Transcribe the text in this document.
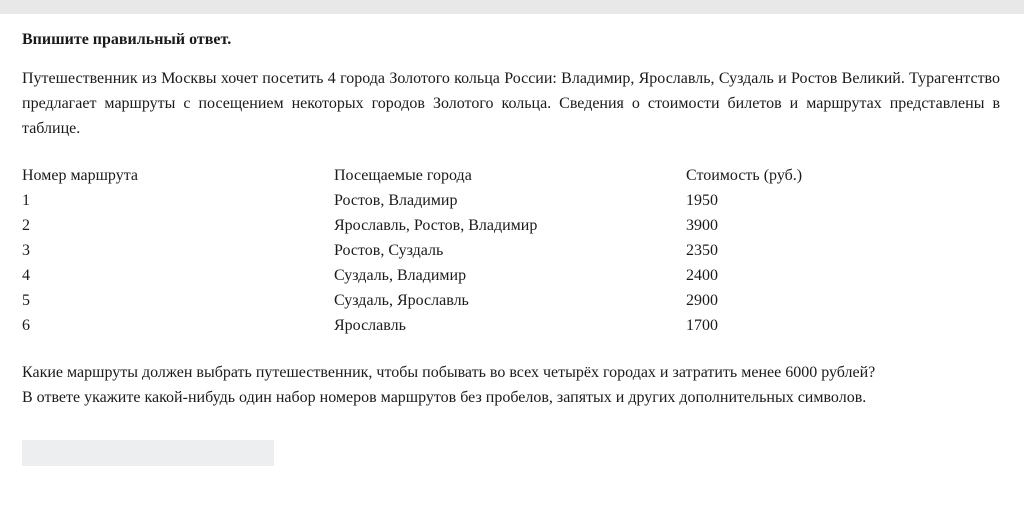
Впишите правильный ответ.
Путешественник из Москвы хочет посетить 4 города Золотого кольца России: Владимир, Ярославль, Суздаль и Ростов Великий. Турагентство предлагает маршруты с посещением некоторых городов Золотого кольца. Сведения о стоимости билетов и маршрутах представлены в таблице.
Номер маршрута	Посещаемые города	Стоимость (руб.)
1	Ростов, Владимир	1950
2	Ярославль, Ростов, Владимир	3900
3	Ростов, Суздаль	2350
4	Суздаль, Владимир	2400
5	Суздаль, Ярославль	2900
6	Ярославль	1700

Какие маршруты должен выбрать путешественник, чтобы побывать во всех четырёх городах и затратить менее 6000 рублей?

В ответе укажите какой-нибудь один набор номеров маршрутов без пробелов, запятых и других дополнительных символов.
